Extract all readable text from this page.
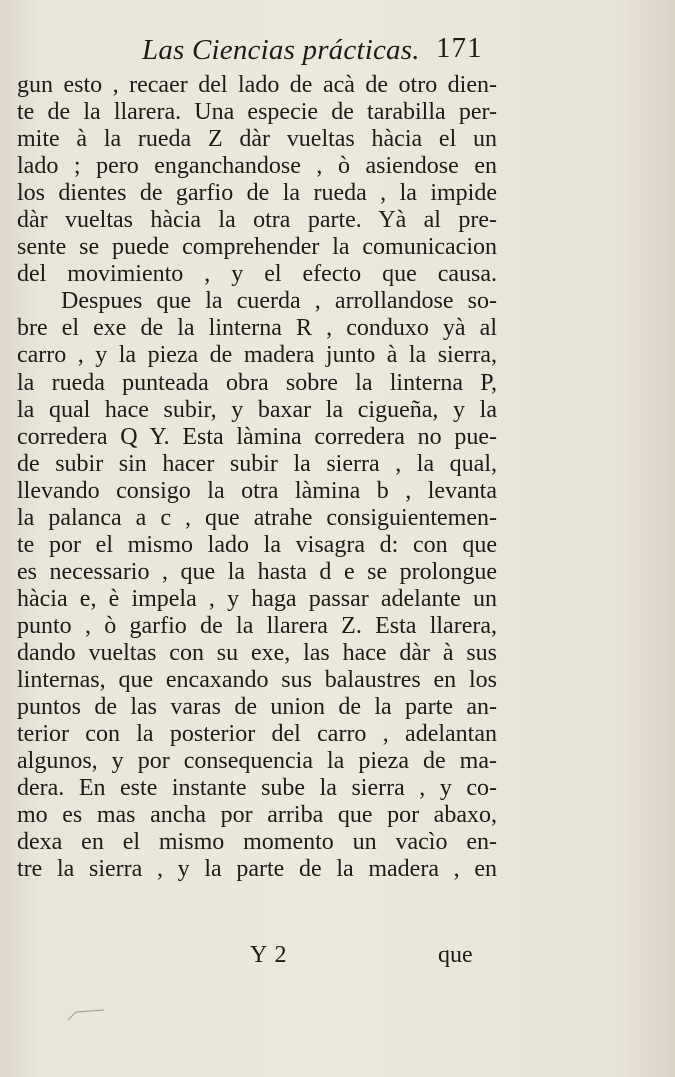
Las Ciencias prácticas. 171
gun esto , recaer del lado de acà de otro dien-
te de la llarera. Una especie de tarabilla per-
mite à la rueda Z dàr vueltas hàcia el un
lado ; pero enganchandose , ò asiendose en
los dientes de garfio de la rueda , la impide
dàr vueltas hàcia la otra parte. Yà al pre-
sente se puede comprehender la comunicacion
del movimiento , y el efecto que causa.
Despues que la cuerda , arrollandose so-
bre el exe de la linterna R , conduxo yà al
carro , y la pieza de madera junto à la sierra,
la rueda punteada obra sobre la linterna P,
la qual hace subir, y baxar la cigueña, y la
corredera Q Y. Esta làmina corredera no pue-
de subir sin hacer subir la sierra , la qual,
llevando consigo la otra làmina b , levanta
la palanca a c , que atrahe consiguientemen-
te por el mismo lado la visagra d: con que
es necessario , que la hasta d e se prolongue
hàcia e, è impela , y haga passar adelante un
punto , ò garfio de la llarera Z. Esta llarera,
dando vueltas con su exe, las hace dàr à sus
linternas, que encaxando sus balaustres en los
puntos de las varas de union de la parte an-
terior con la posterior del carro , adelantan
algunos, y por consequencia la pieza de ma-
dera. En este instante sube la sierra , y co-
mo es mas ancha por arriba que por abaxo,
dexa en el mismo momento un vacìo en-
tre la sierra , y la parte de la madera , en
Y 2	que
